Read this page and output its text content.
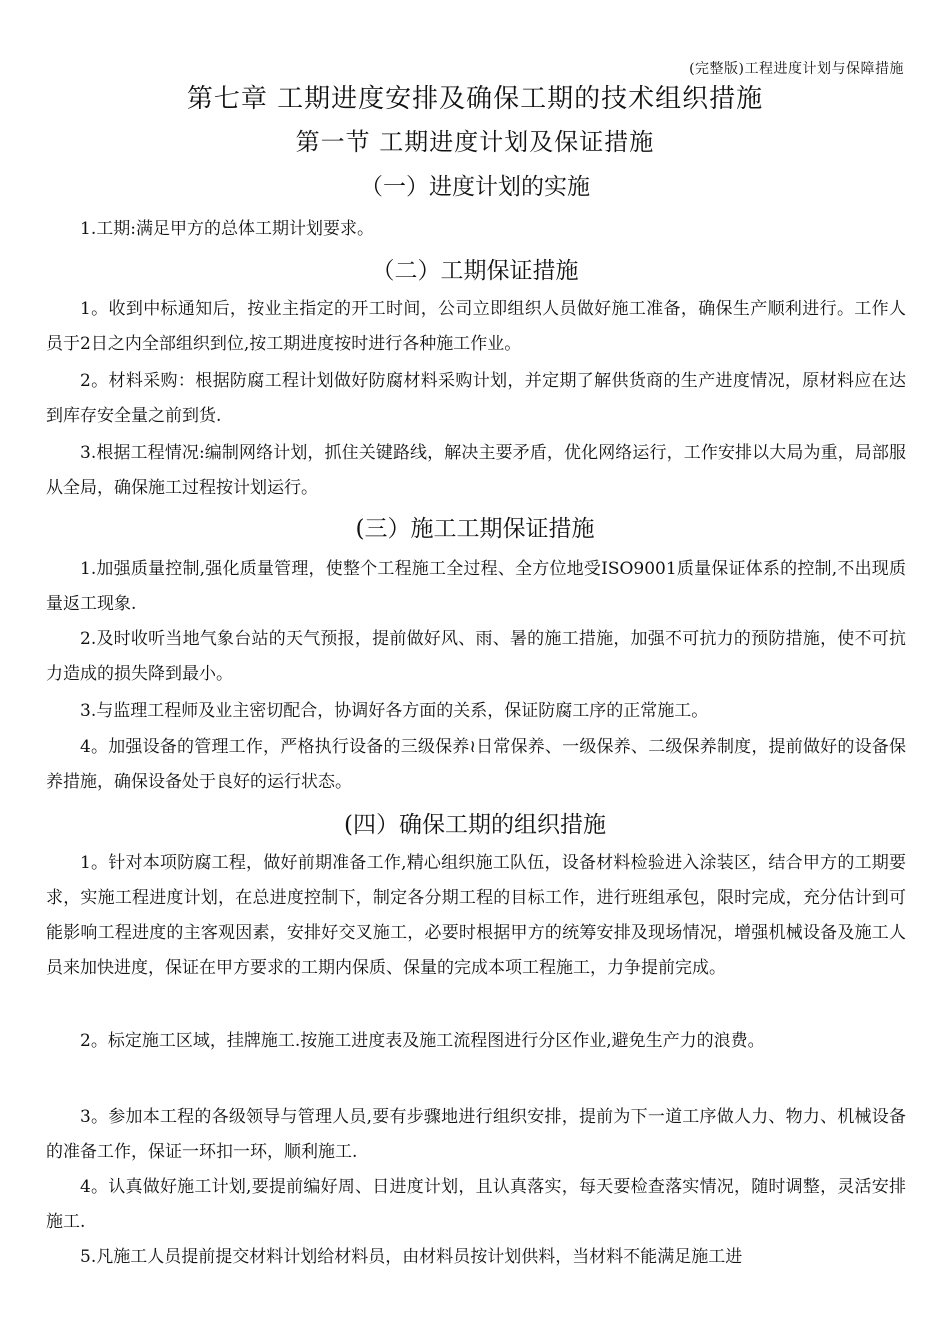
(完整版)工程进度计划与保障措施
第七章 工期进度安排及确保工期的技术组织措施
第一节 工期进度计划及保证措施
（一）进度计划的实施
1.工期:满足甲方的总体工期计划要求。
（二）工期保证措施
1。收到中标通知后，按业主指定的开工时间，公司立即组织人员做好施工准备，确保生产顺利进行。工作人员于2日之内全部组织到位,按工期进度按时进行各种施工作业。
2。材料采购：根据防腐工程计划做好防腐材料采购计划，并定期了解供货商的生产进度情况，原材料应在达到库存安全量之前到货.
3.根据工程情况:编制网络计划，抓住关键路线，解决主要矛盾，优化网络运行，工作安排以大局为重，局部服从全局，确保施工过程按计划运行。
(三）施工工期保证措施
1.加强质量控制,强化质量管理，使整个工程施工全过程、全方位地受ISO9001质量保证体系的控制,不出现质量返工现象.
2.及时收听当地气象台站的天气预报，提前做好风、雨、暑的施工措施，加强不可抗力的预防措施，使不可抗力造成的损失降到最小。
3.与监理工程师及业主密切配合，协调好各方面的关系，保证防腐工序的正常施工。
4。加强设备的管理工作，严格执行设备的三级保养≀日常保养、一级保养、二级保养制度，提前做好的设备保养措施，确保设备处于良好的运行状态。
(四）确保工期的组织措施
1。针对本项防腐工程，做好前期准备工作,精心组织施工队伍，设备材料检验进入涂装区，结合甲方的工期要求，实施工程进度计划，在总进度控制下，制定各分期工程的目标工作，进行班组承包，限时完成，充分估计到可能影响工程进度的主客观因素，安排好交叉施工，必要时根据甲方的统筹安排及现场情况，增强机械设备及施工人员来加快进度，保证在甲方要求的工期内保质、保量的完成本项工程施工，力争提前完成。
2。标定施工区域，挂牌施工.按施工进度表及施工流程图进行分区作业,避免生产力的浪费。
3。参加本工程的各级领导与管理人员,要有步骤地进行组织安排，提前为下一道工序做人力、物力、机械设备的准备工作，保证一环扣一环，顺利施工.
4。认真做好施工计划,要提前编好周、日进度计划，且认真落实，每天要检查落实情况，随时调整，灵活安排施工.
5.凡施工人员提前提交材料计划给材料员，由材料员按计划供料，当材料不能满足施工进
